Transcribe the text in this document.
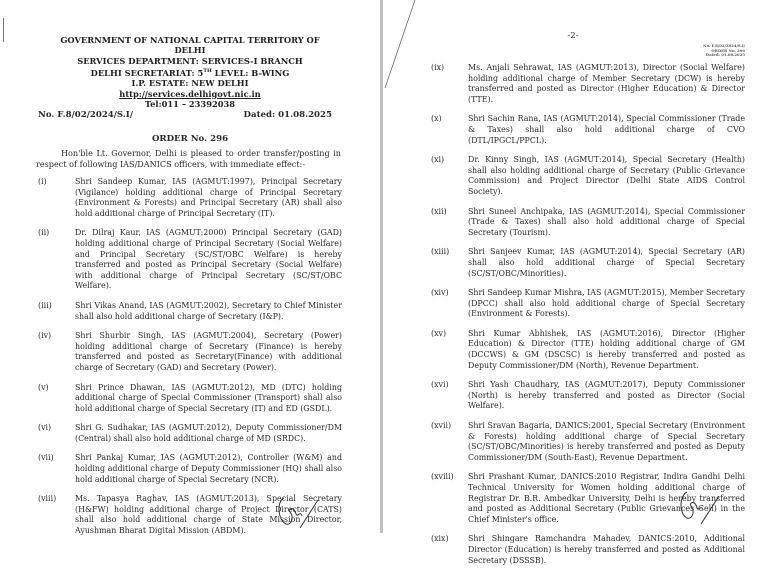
GOVERNMENT OF NATIONAL CAPITAL TERRITORY OF DELHI
SERVICES DEPARTMENT: SERVICES-I BRANCH
DELHI SECRETARIAT: 5TH LEVEL: B-WING
I.P. ESTATE: NEW DELHI
http://services.delhigovt.nic.in
Tel:011 – 23392038
No. F.8/02/2024/S.I/	Dated: 01.08.2025
ORDER No. 296
Hon'ble Lt. Governor, Delhi is pleased to order transfer/posting in respect of following IAS/DANICS officers, with immediate effect:-
(i)	Shri Sandeep Kumar, IAS (AGMUT:1997), Principal Secretary (Vigilance) holding additional charge of Principal Secretary (Environment & Forests) and Principal Secretary (AR) shall also hold additional charge of Principal Secretary (IT).
(ii)	Dr. Dilraj Kaur, IAS (AGMUT:2000) Principal Secretary (GAD) holding additional charge of Principal Secretary (Social Welfare) and Principal Secretary (SC/ST/OBC Welfare) is hereby transferred and posted as Principal Secretary (Social Welfare) with additional charge of Principal Secretary (SC/ST/OBC Welfare).
(iii)	Shri Vikas Anand, IAS (AGMUT:2002), Secretary to Chief Minister shall also hold additional charge of Secretary (I&P).
(iv)	Shri Shurbir Singh, IAS (AGMUT:2004), Secretary (Power) holding additional charge of Secretary (Finance) is hereby transferred and posted as Secretary(Finance) with additional charge of Secretary (GAD) and Secretary (Power).
(v)	Shri Prince Dhawan, IAS (AGMUT:2012), MD (DTC) holding additional charge of Special Commissioner (Transport) shall also hold additional charge of Special Secretary (IT) and ED (GSDL).
(vi)	Shri G. Sudhakar, IAS (AGMUT:2012), Deputy Commissioner/DM (Central) shall also hold additional charge of MD (SRDC).
(vii)	Shri Pankaj Kumar, IAS (AGMUT:2012), Controller (W&M) and holding additional charge of Deputy Commissioner (HQ) shall also hold additional charge of Special Secretary (NCR).
(viii)	Ms. Tapasya Raghav, IAS (AGMUT:2013), Special Secretary (H&FW) holding additional charge of Project Director (CATS) shall also hold additional charge of State Mission Director, Ayushman Bharat Digital Mission (ABDM).
-2-
No. F.8/02/2024/S.I/
ORDER No. 296
Dated: 01.08.2025
(ix)	Ms. Anjali Sehrawat, IAS (AGMUT:2013), Director (Social Welfare) holding additional charge of Member Secretary (DCW) is hereby transferred and posted as Director (Higher Education) & Director (TTE).
(x)	Shri Sachin Rana, IAS (AGMUT:2014), Special Commissioner (Trade & Taxes) shall also hold additional charge of CVO (DTL/IPGCL/PPCL).
(xi)	Dr. Kinny Singh, IAS (AGMUT:2014), Special Secretary (Health) shall also holding additional charge of Secretary (Public Grievance Commission) and Project Director (Delhi State AIDS Control Society).
(xii)	Shri Suneel Anchipaka, IAS (AGMUT:2014), Special Commissioner (Trade & Taxes) shall also hold additional charge of Special Secretary (Tourism).
(xiii)	Shri Sanjeev Kumar, IAS (AGMUT:2014), Special Secretary (AR) shall also hold additional charge of Special Secretary (SC/ST/OBC/Minorities).
(xiv)	Shri Sandeep Kumar Mishra, IAS (AGMUT:2015), Member Secretary (DPCC) shall also hold additional charge of Special Secretary (Environment & Forests).
(xv)	Shri Kumar Abhishek, IAS (AGMUT:2016), Director (Higher Education) & Director (TTE) holding additional charge of GM (DCCWS) & GM (DSCSC) is hereby transferred and posted as Deputy Commissioner/DM (North), Revenue Department.
(xvi)	Shri Yash Chaudhary, IAS (AGMUT:2017), Deputy Commissioner (North) is hereby transferred and posted as Director (Social Welfare).
(xvii)	Shri Sravan Bagaria, DANICS:2001, Special Secretary (Environment & Forests) holding additional charge of Special Secretary (SC/ST/OBC/Minorities) is hereby transferred and posted as Deputy Commissioner/DM (South-East), Revenue Department.
(xviii)	Shri Prashant Kumar, DANICS:2010 Registrar, Indira Gandhi Delhi Technical University for Women holding additional charge of Registrar Dr. B.R. Ambedkar University, Delhi is hereby transferred and posted as Additional Secretary (Public Grievances Cell) in the Chief Minister's office.
(xix)	Shri Shingare Ramchandra Mahadev, DANICS:2010, Additional Director (Education) is hereby transferred and posted as Additional Secretary (DSSSB).
